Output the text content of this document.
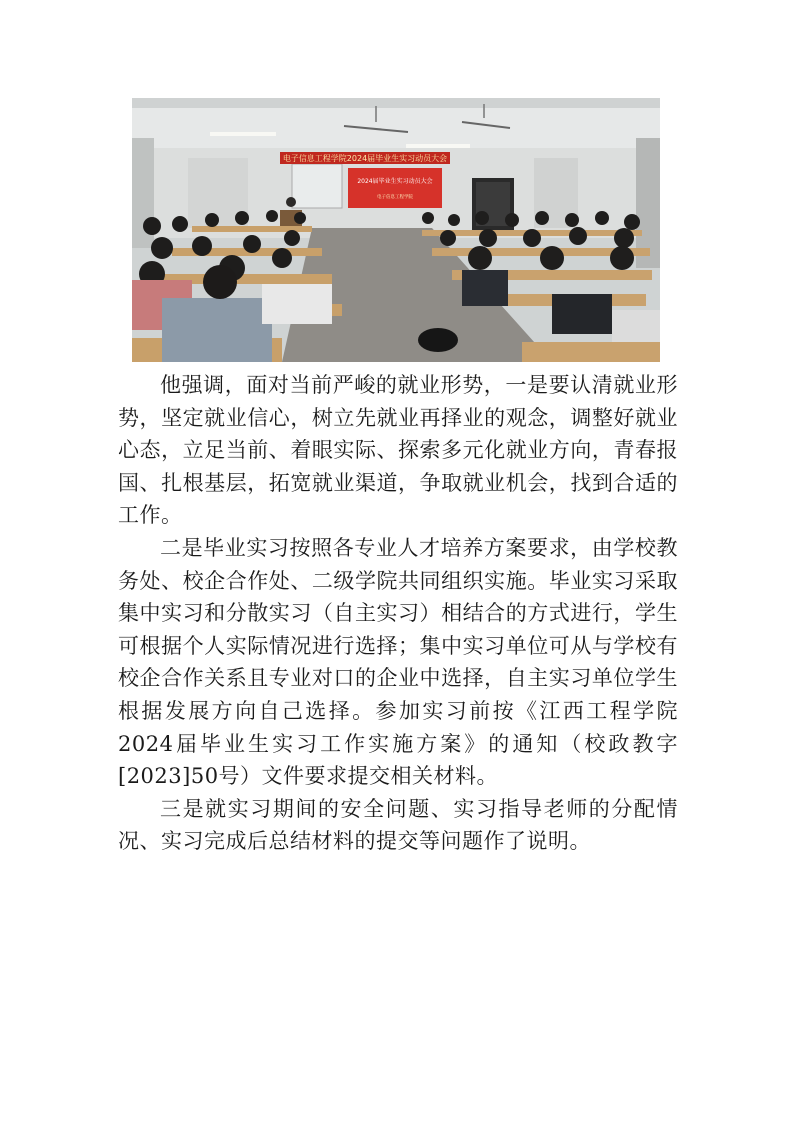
电子信息工程学院2024届毕业生实习动员大会
2024届毕业生实习动员大会
电子信息工程学院

他强调，面对当前严峻的就业形势，一是要认清就业形势，坚定就业信心，树立先就业再择业的观念，调整好就业心态，立足当前、着眼实际、探索多元化就业方向，青春报国、扎根基层，拓宽就业渠道，争取就业机会，找到合适的工作。

二是毕业实习按照各专业人才培养方案要求，由学校教务处、校企合作处、二级学院共同组织实施。毕业实习采取集中实习和分散实习（自主实习）相结合的方式进行，学生可根据个人实际情况进行选择；集中实习单位可从与学校有校企合作关系且专业对口的企业中选择，自主实习单位学生根据发展方向自己选择。参加实习前按《江西工程学院2024届毕业生实习工作实施方案》的通知（校政教字[2023]50号）文件要求提交相关材料。

三是就实习期间的安全问题、实习指导老师的分配情况、实习完成后总结材料的提交等问题作了说明。
